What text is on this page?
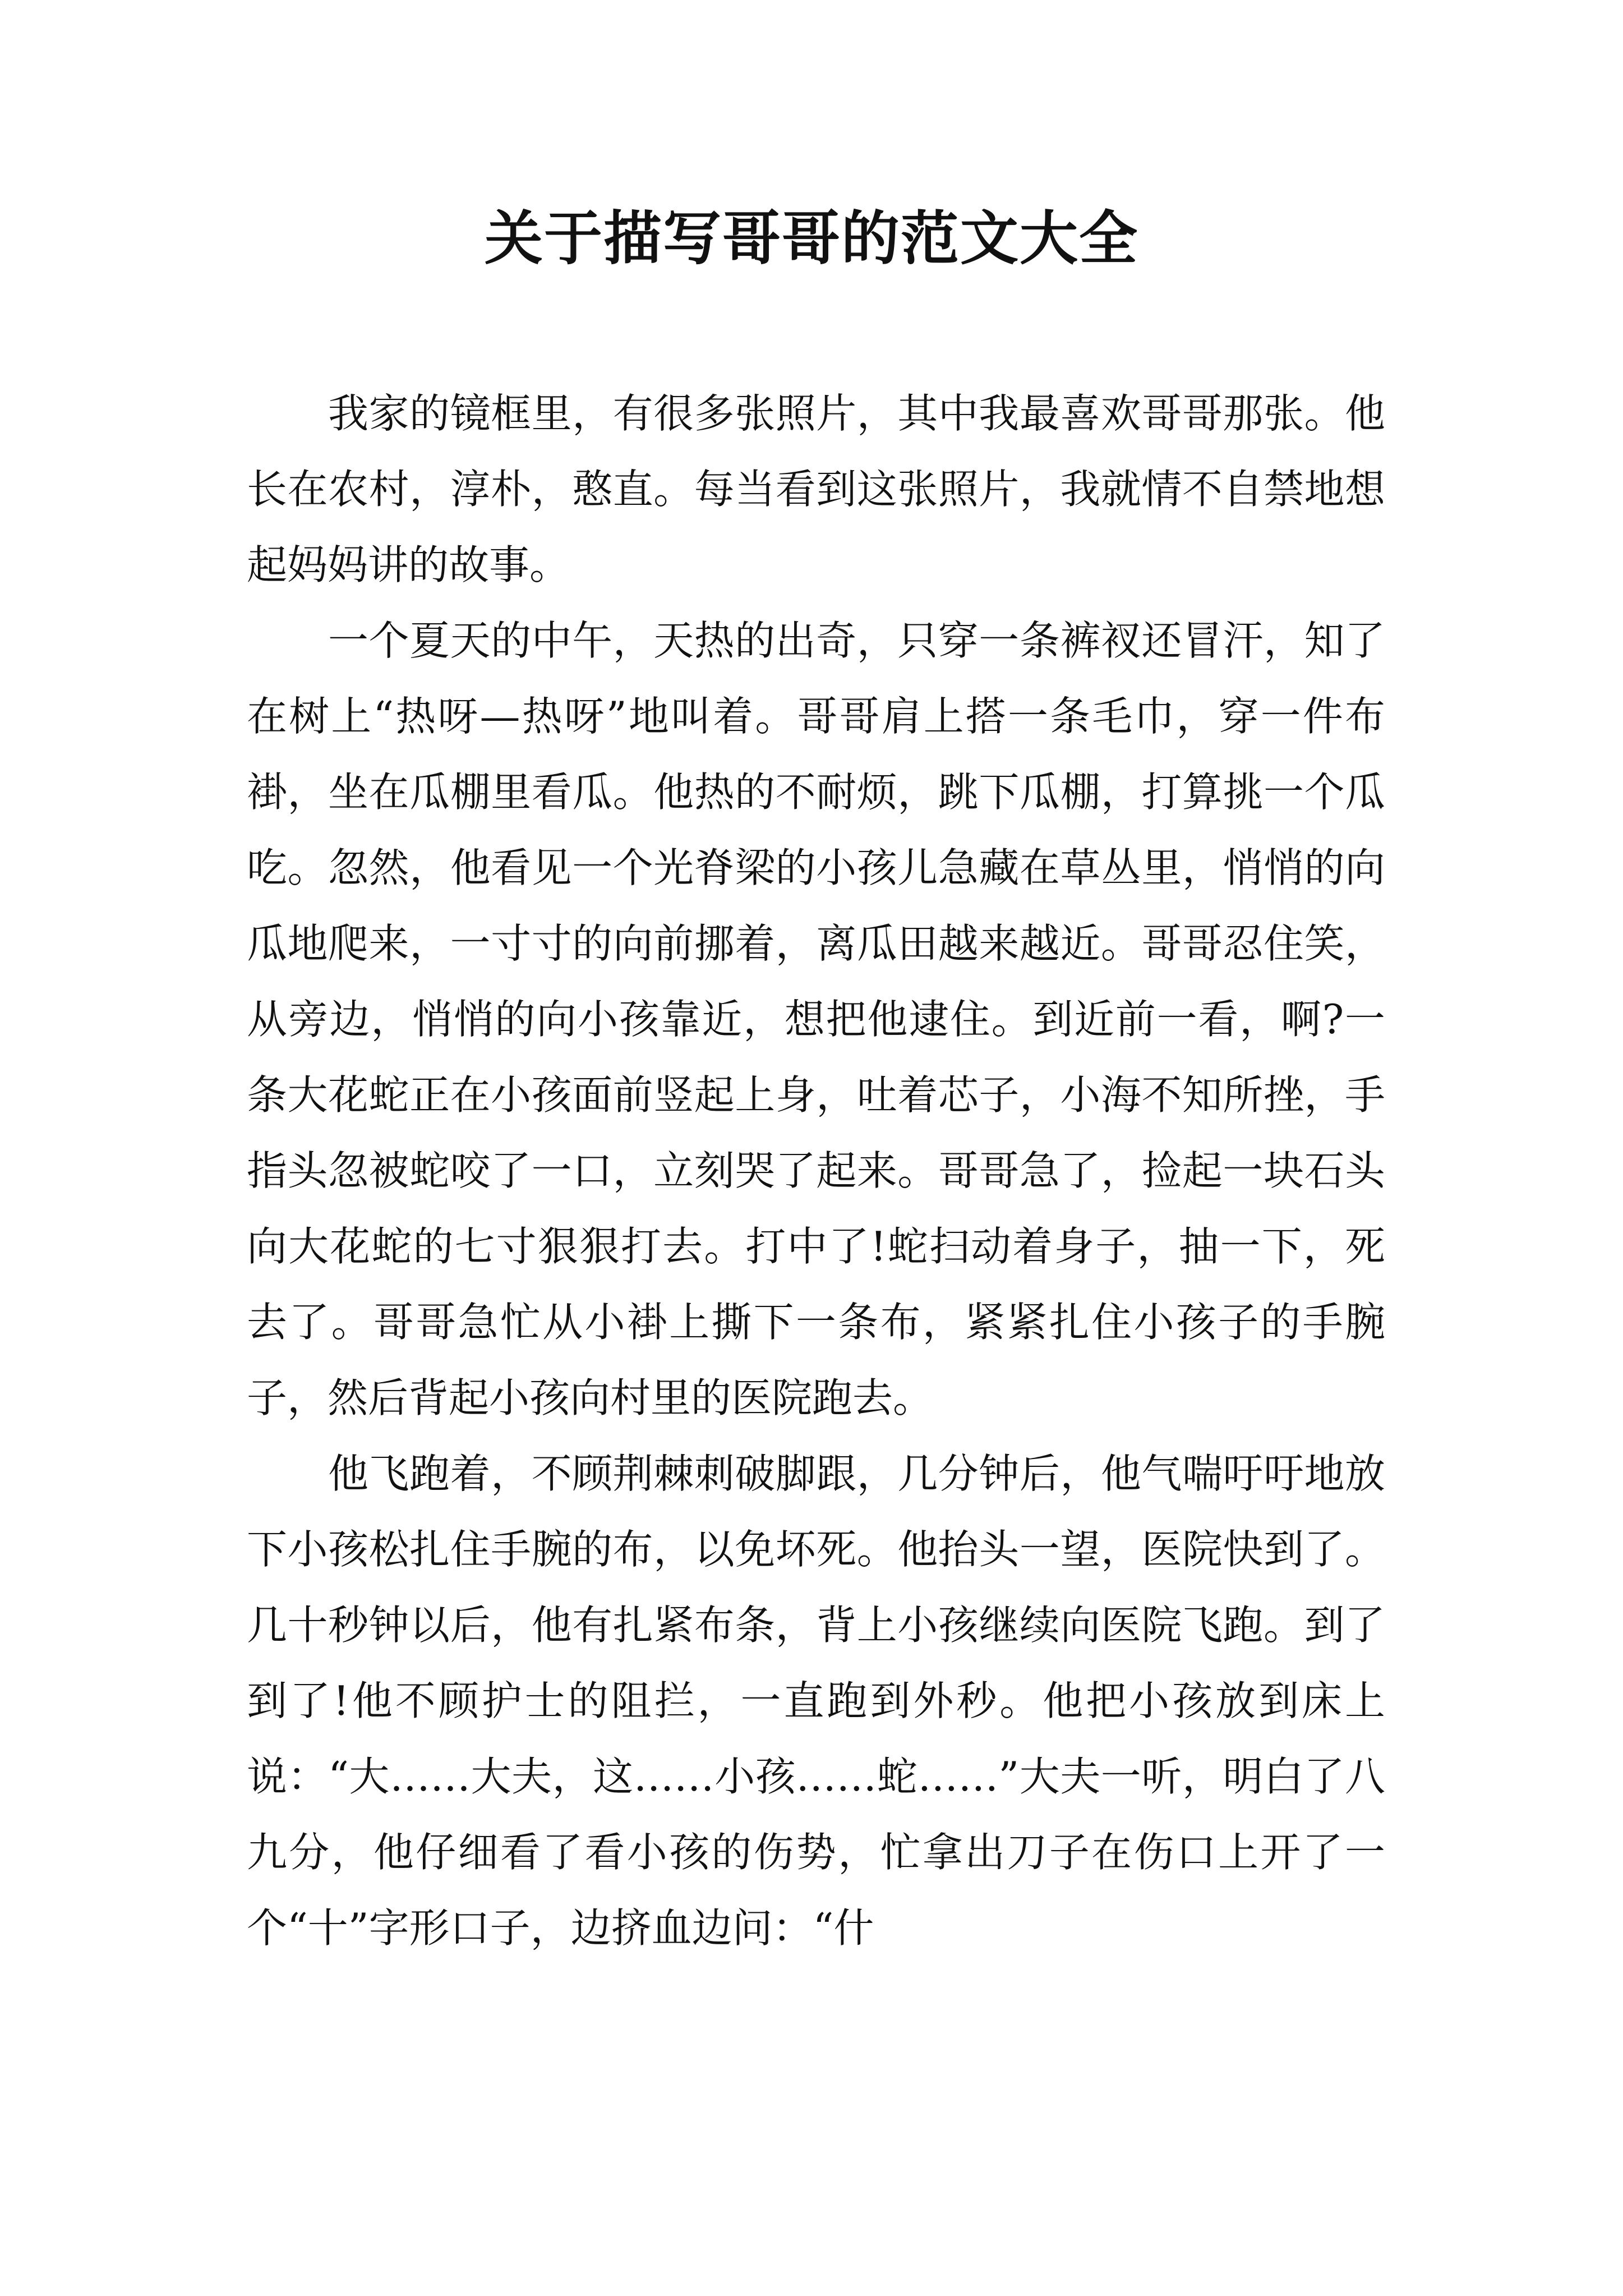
关于描写哥哥的范文大全

我家的镜框里，有很多张照片，其中我最喜欢哥哥那张。他长在农村，淳朴，憨直。每当看到这张照片，我就情不自禁地想起妈妈讲的故事。

一个夏天的中午，天热的出奇，只穿一条裤衩还冒汗，知了在树上“热呀—热呀”地叫着。哥哥肩上搭一条毛巾，穿一件布褂，坐在瓜棚里看瓜。他热的不耐烦，跳下瓜棚，打算挑一个瓜吃。忽然，他看见一个光脊梁的小孩儿急藏在草丛里，悄悄的向瓜地爬来，一寸寸的向前挪着，离瓜田越来越近。哥哥忍住笑，从旁边，悄悄的向小孩靠近，想把他逮住。到近前一看，啊?一条大花蛇正在小孩面前竖起上身，吐着芯子，小海不知所挫，手指头忽被蛇咬了一口，立刻哭了起来。哥哥急了，捡起一块石头向大花蛇的七寸狠狠打去。打中了!蛇扫动着身子，抽一下，死去了。哥哥急忙从小褂上撕下一条布，紧紧扎住小孩子的手腕子，然后背起小孩向村里的医院跑去。

他飞跑着，不顾荆棘刺破脚跟，几分钟后，他气喘吁吁地放下小孩松扎住手腕的布，以免坏死。他抬头一望，医院快到了。几十秒钟以后，他有扎紧布条，背上小孩继续向医院飞跑。到了到了!他不顾护士的阻拦，一直跑到外秒。他把小孩放到床上说：“大……大夫，这……小孩……蛇……”大夫一听，明白了八九分，他仔细看了看小孩的伤势，忙拿出刀子在伤口上开了一个“十”字形口子，边挤血边问：“什
